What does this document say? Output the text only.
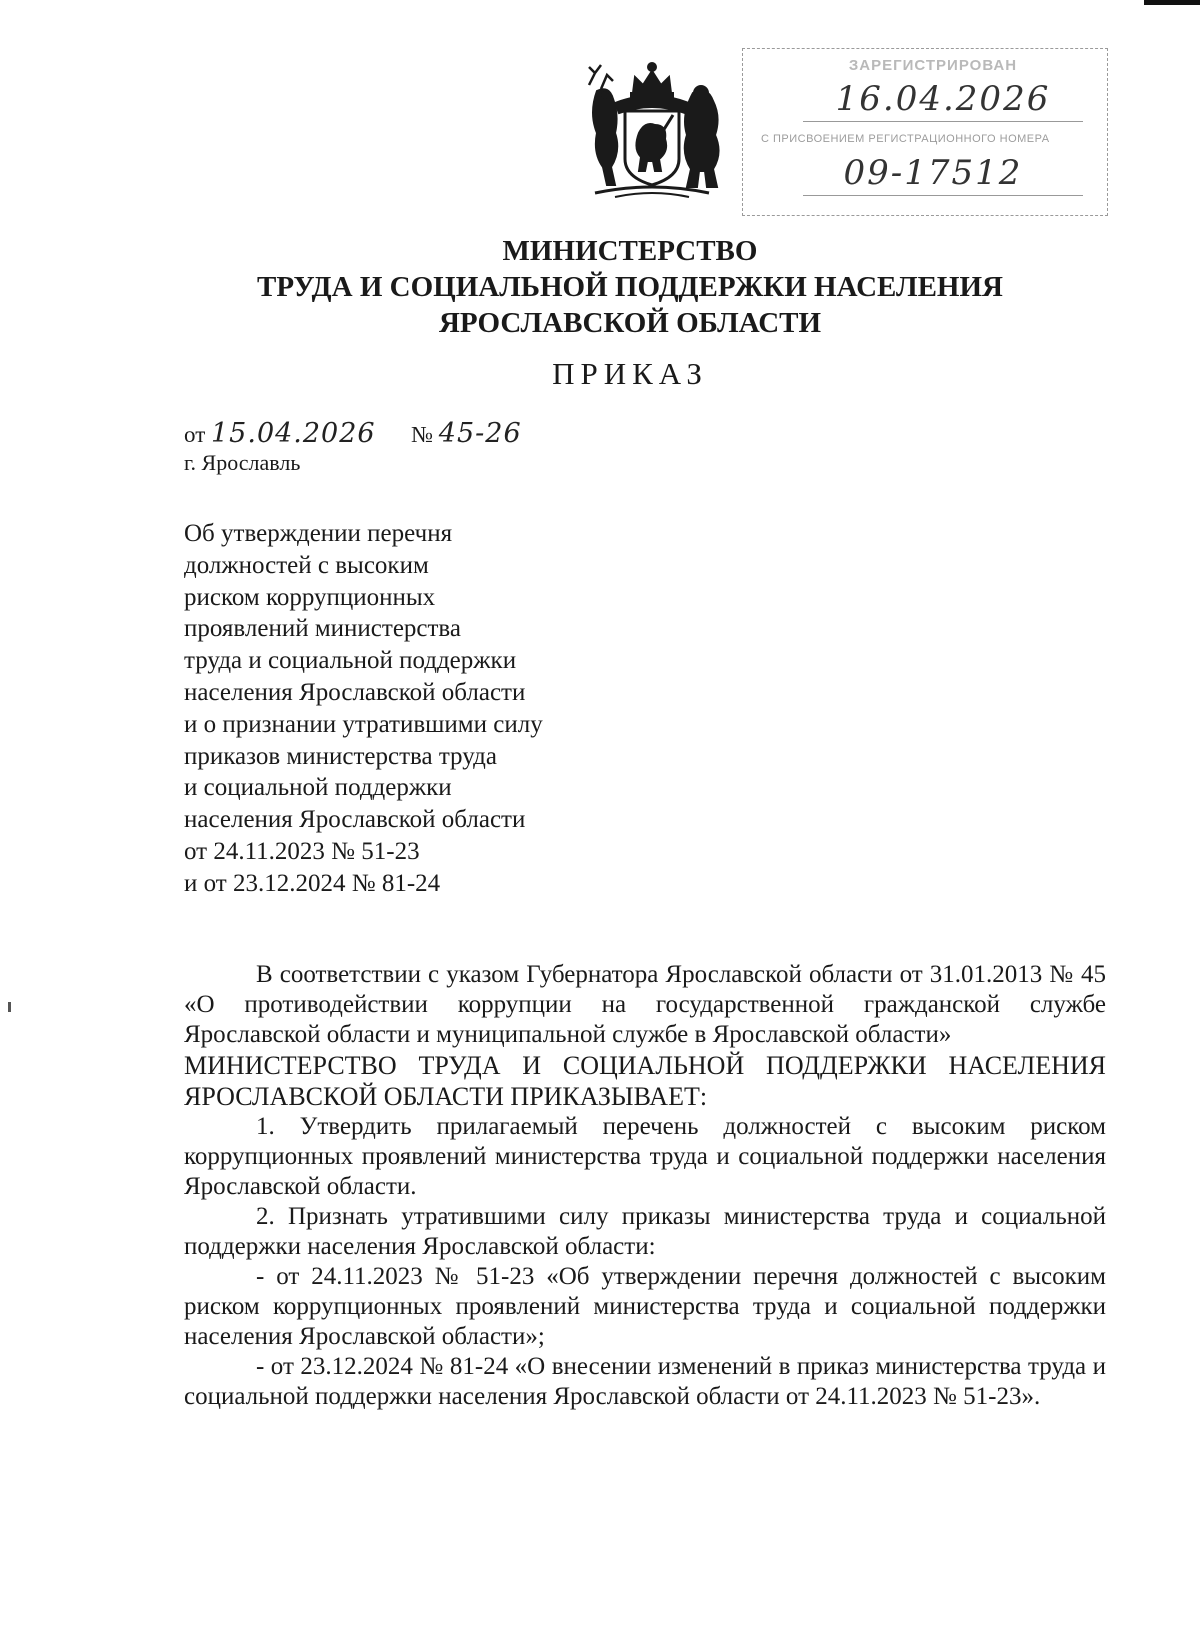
ЗАРЕГИСТРИРОВАН
16.04.2026
С ПРИСВОЕНИЕМ РЕГИСТРАЦИОННОГО НОМЕРА
09-17512
МИНИСТЕРСТВО
ТРУДА И СОЦИАЛЬНОЙ ПОДДЕРЖКИ НАСЕЛЕНИЯ
ЯРОСЛАВСКОЙ ОБЛАСТИ
ПРИКАЗ
от 15.04.2026 № 45-26
г. Ярославль
Об утверждении перечня
должностей с высоким
риском коррупционных
проявлений министерства
труда и социальной поддержки
населения Ярославской области
и о признании утратившими силу
приказов министерства труда
и социальной поддержки
населения Ярославской области
от 24.11.2023 № 51-23
и от 23.12.2024 № 81-24

В соответствии с указом Губернатора Ярославской области от 31.01.2013 № 45 «О противодействии коррупции на государственной гражданской службе Ярославской области и муниципальной службе в Ярославской области»

МИНИСТЕРСТВО ТРУДА И СОЦИАЛЬНОЙ ПОДДЕРЖКИ НАСЕЛЕНИЯ ЯРОСЛАВСКОЙ ОБЛАСТИ ПРИКАЗЫВАЕТ:

1. Утвердить прилагаемый перечень должностей с высоким риском коррупционных проявлений министерства труда и социальной поддержки населения Ярославской области.

2. Признать утратившими силу приказы министерства труда и социальной поддержки населения Ярославской области:

- от 24.11.2023 № 51-23 «Об утверждении перечня должностей с высоким риском коррупционных проявлений министерства труда и социальной поддержки населения Ярославской области»;

- от 23.12.2024 № 81-24 «О внесении изменений в приказ министерства труда и социальной поддержки населения Ярославской области от 24.11.2023 № 51-23».
